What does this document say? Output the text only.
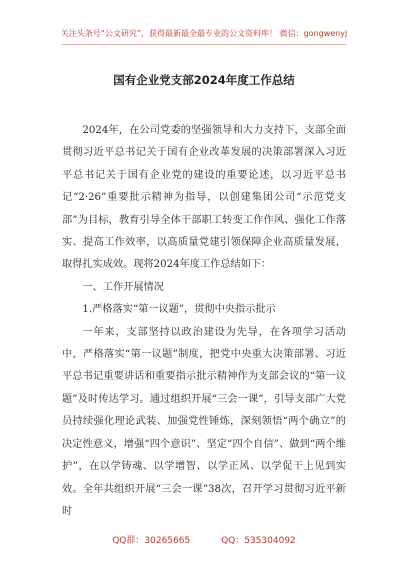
关注头条号“公文研究”，获得最新最全最专业的公文资料库！ 微信：gongwenyj
国有企业党支部2024年度工作总结

2024年，在公司党委的坚强领导和大力支持下，支部全面贯彻习近平总书记关于国有企业改革发展的决策部署深入习近平总书记关于国有企业党的建设的重要论述，以习近平总书记“2·26”重要批示精神为指导，以创建集团公司“示范党支部”为目标，教育引导全体干部职工转变工作作风、强化工作落实、提高工作效率，以高质量党建引领保障企业高质量发展，取得扎实成效。现将2024年度工作总结如下：

一、工作开展情况

1.严格落实“第一议题”，贯彻中央指示批示

一年来，支部坚持以政治建设为先导，在各项学习活动中，严格落实“第一议题”制度，把党中央重大决策部署、习近平总书记重要讲话和重要指示批示精神作为支部会议的“第一议题”及时传达学习。通过组织开展“三会一课”，引导支部广大党员持续强化理论武装、加强党性锤炼，深刻领悟“两个确立”的决定性意义，增强“四个意识”、坚定“四个自信”、做到“两个维护”，在以学铸魂、以学增智、以学正风、以学促干上见到实效。全年共组织开展“三会一课”38次，召开学习贯彻习近平新时

QQ群：30265665	QQ：535304092
